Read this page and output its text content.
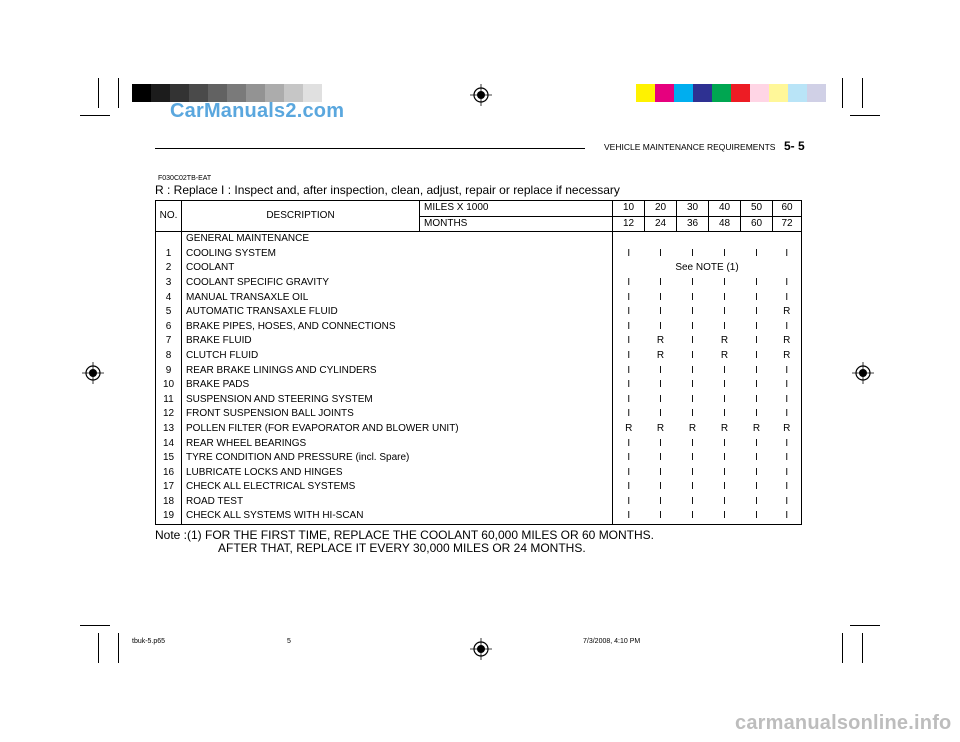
CarManuals2.com
VEHICLE MAINTENANCE REQUIREMENTS 5- 5
F030C02TB-EAT
R : Replace I : Inspect and, after inspection, clean, adjust, repair or replace if necessary
NO.	DESCRIPTION	MILES X 1000	10	20	30	40	50	60
		MONTHS	12	24	36	48	60	72
	GENERAL MAINTENANCE							
1	COOLING SYSTEM		I	I	I	I	I	I
2	COOLANT		See NOTE (1)					
3	COOLANT SPECIFIC GRAVITY		I	I	I	I	I	I
4	MANUAL TRANSAXLE OIL		I	I	I	I	I	I
5	AUTOMATIC TRANSAXLE FLUID		I	I	I	I	I	R
6	BRAKE PIPES, HOSES, AND CONNECTIONS		I	I	I	I	I	I
7	BRAKE FLUID		I	R	I	R	I	R
8	CLUTCH FLUID		I	R	I	R	I	R
9	REAR BRAKE LININGS AND CYLINDERS		I	I	I	I	I	I
10	BRAKE PADS		I	I	I	I	I	I
11	SUSPENSION AND STEERING SYSTEM		I	I	I	I	I	I
12	FRONT SUSPENSION BALL JOINTS		I	I	I	I	I	I
13	POLLEN FILTER (FOR EVAPORATOR AND BLOWER UNIT)		R	R	R	R	R	R
14	REAR WHEEL BEARINGS		I	I	I	I	I	I
15	TYRE CONDITION AND PRESSURE (incl. Spare)		I	I	I	I	I	I
16	LUBRICATE LOCKS AND HINGES		I	I	I	I	I	I
17	CHECK ALL ELECTRICAL SYSTEMS		I	I	I	I	I	I
18	ROAD TEST		I	I	I	I	I	I
19	CHECK ALL SYSTEMS WITH HI-SCAN		I	I	I	I	I	I
Note :(1) FOR THE FIRST TIME, REPLACE THE COOLANT 60,000 MILES OR 60 MONTHS.
AFTER THAT, REPLACE IT EVERY 30,000 MILES OR 24 MONTHS.
tbuk-5.p65	5	7/3/2008, 4:10 PM
carmanualsonline.info
